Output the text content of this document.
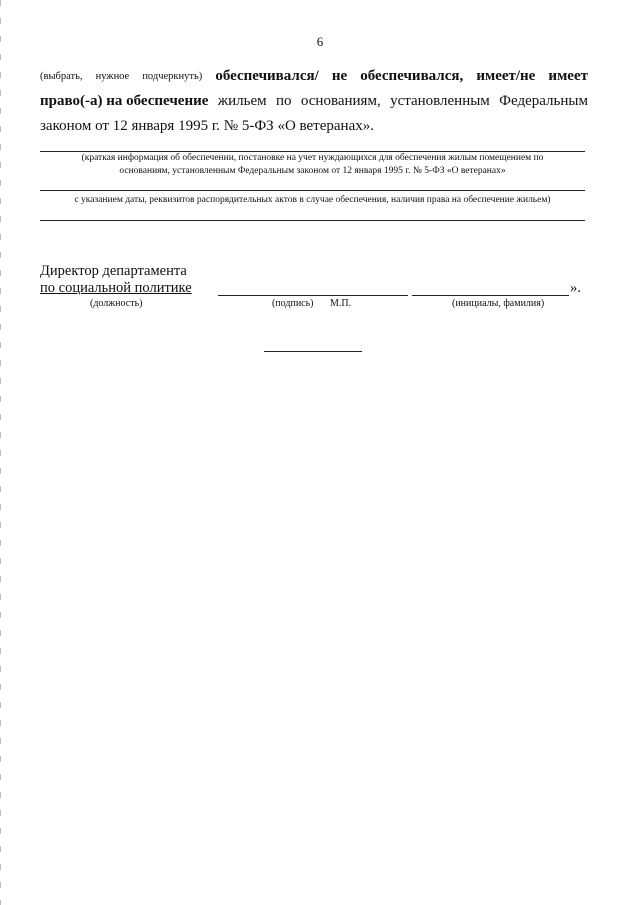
6
(выбрать, нужное подчеркнуть) обеспечивался/ не обеспечивался, имеет/не имеет
право(-а) на обеспечение жильем по основаниям, установленным Федеральным
законом от 12 января 1995 г. № 5-ФЗ «О ветеранах».
(краткая информация об обеспечении, постановке на учет нуждающихся для обеспечения жилым помещением по
основаниям, установленным Федеральным законом от 12 января 1995 г. № 5-ФЗ «О ветеранах»
с указанием даты, реквизитов распорядительных актов в случае обеспечения, наличия права на обеспечение жильем)
Директор департамента
по социальной политике	».
(должность)	(подпись) М.П.	(инициалы, фамилия)
